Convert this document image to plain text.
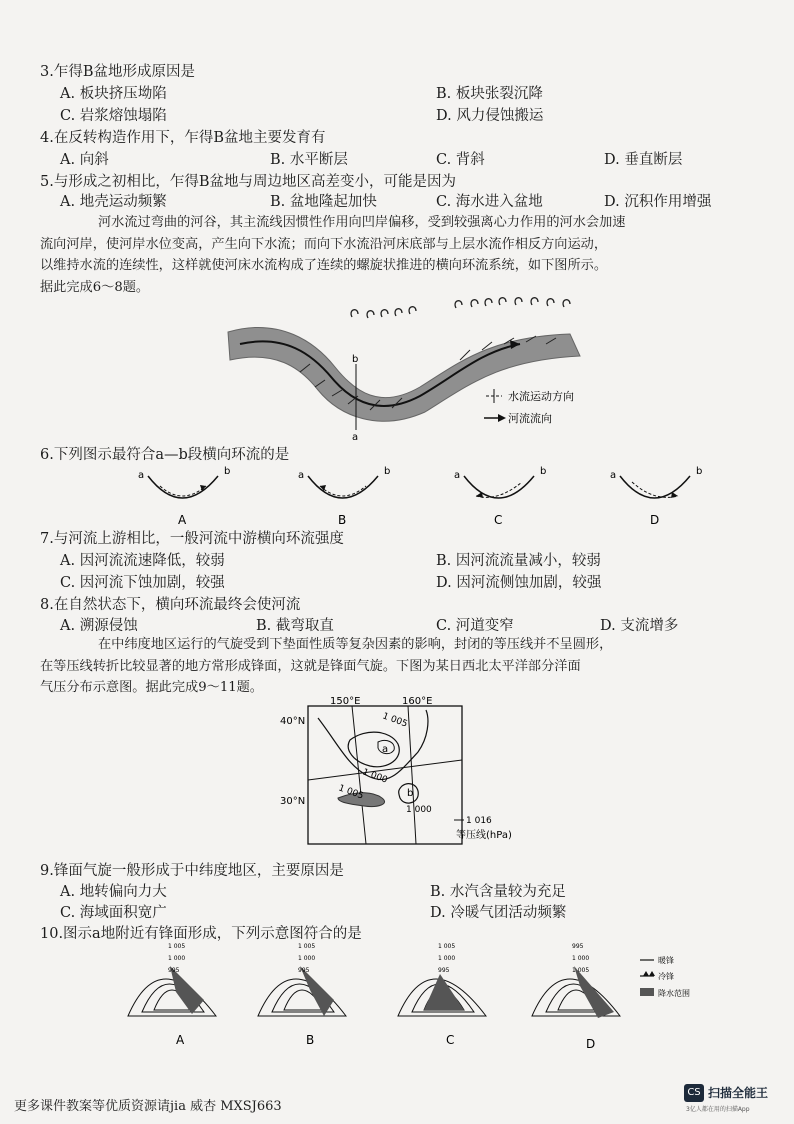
3.乍得B盆地形成原因是
A. 板块挤压坳陷	B. 板块张裂沉降
C. 岩浆熔蚀塌陷	D. 风力侵蚀搬运
4.在反转构造作用下，乍得B盆地主要发育有
A. 向斜	B. 水平断层	C. 背斜	D. 垂直断层
5.与形成之初相比，乍得B盆地与周边地区高差变小，可能是因为
A. 地壳运动频繁	B. 盆地隆起加快	C. 海水进入盆地	D. 沉积作用增强
河水流过弯曲的河谷，其主流线因惯性作用向凹岸偏移，受到较强离心力作用的河水会加速
流向河岸，使河岸水位变高，产生向下水流；而向下水流沿河床底部与上层水流作相反方向运动，
以维持水流的连续性，这样就使河床水流构成了连续的螺旋状推进的横向环流系统，如下图所示。
据此完成6～8题。
b
a
水流运动方向
河流流向
6.下列图示最符合a—b段横向环流的是
a	b
A
a	b
B
a	b
C
a	b
D
7.与河流上游相比，一般河流中游横向环流强度
A. 因河流流速降低，较弱	B. 因河流流量减小，较弱
C. 因河流下蚀加剧，较强	D. 因河流侧蚀加剧，较强
8.在自然状态下，横向环流最终会使河流
A. 溯源侵蚀	B. 截弯取直	C. 河道变窄	D. 支流增多
在中纬度地区运行的气旋受到下垫面性质等复杂因素的影响，封闭的等压线并不呈圆形，
在等压线转折比较显著的地方常形成锋面，这就是锋面气旋。下图为某日西北太平洋部分洋面
气压分布示意图。据此完成9～11题。
150°E	160°E
40°N
30°N
1 005
1 005
1 000
1 000
a
b
1 016
等压线(hPa)
9.锋面气旋一般形成于中纬度地区，主要原因是
A. 地转偏向力大	B. 水汽含量较为充足
C. 海域面积宽广	D. 冷暖气团活动频繁
10.图示a地附近有锋面形成，下列示意图符合的是
1 005
1 000
995
A
1 005
1 000
995
B
1 005
1 000
995
C
995
1 000
1 005
D
暖锋
冷锋
降水范围
更多课件教案等优质资源请jia 威杏 MXSJ663
CS 扫描全能王
3亿人都在用的扫描App
